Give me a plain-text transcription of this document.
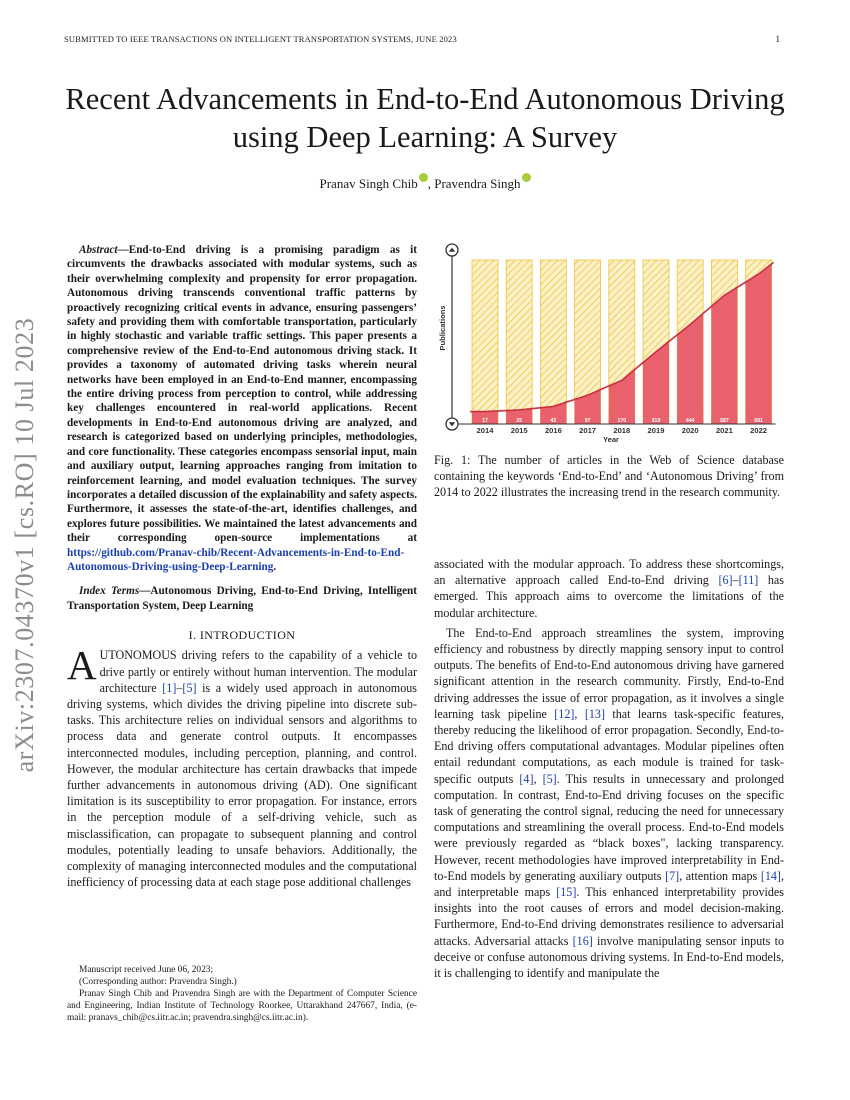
SUBMITTED TO IEEE TRANSACTIONS ON INTELLIGENT TRANSPORTATION SYSTEMS, JUNE 2023	1
arXiv:2307.04370v1 [cs.RO] 10 Jul 2023
Recent Advancements in End-to-End Autonomous Driving using Deep Learning: A Survey
Pranav Singh Chib , Pravendra Singh

Abstract—End-to-End driving is a promising paradigm as it circumvents the drawbacks associated with modular systems, such as their overwhelming complexity and propensity for error propagation. Autonomous driving transcends conventional traffic patterns by proactively recognizing critical events in advance, ensuring passengers’ safety and providing them with comfortable transportation, particularly in highly stochastic and variable traffic settings. This paper presents a comprehensive review of the End-to-End autonomous driving stack. It provides a taxonomy of automated driving tasks wherein neural networks have been employed in an End-to-End manner, encompassing the entire driving process from perception to control, while addressing key challenges encountered in real-world applications. Recent developments in End-to-End autonomous driving are analyzed, and research is categorized based on underlying principles, methodologies, and core functionality. These categories encompass sensorial input, main and auxiliary output, learning approaches ranging from imitation to reinforcement learning, and model evaluation techniques. The survey incorporates a detailed discussion of the explainability and safety aspects. Furthermore, it assesses the state-of-the-art, identifies challenges, and explores future possibilities. We maintained the latest advancements and their corresponding open-source implementations at https://github.com/Pranav-chib/Recent-Advancements-in-End-to-End-Autonomous-Driving-using-Deep-Learning.

Index Terms—Autonomous Driving, End-to-End Driving, Intelligent Transportation System, Deep Learning

I. INTRODUCTION

AUTONOMOUS driving refers to the capability of a vehicle to drive partly or entirely without human intervention. The modular architecture [1]–[5] is a widely used approach in autonomous driving systems, which divides the driving pipeline into discrete sub-tasks. This architecture relies on individual sensors and algorithms to process data and generate control outputs. It encompasses interconnected modules, including perception, planning, and control. However, the modular architecture has certain drawbacks that impede further advancements in autonomous driving (AD). One significant limitation is its susceptibility to error propagation. For instance, errors in the perception module of a self-driving vehicle, such as misclassification, can propagate to subsequent planning and control modules, potentially leading to unsafe behaviors. Additionally, the complexity of managing interconnected modules and the computational inefficiency of processing data at each stage pose additional challenges

Manuscript received June 06, 2023;

(Corresponding author: Pravendra Singh.)

Pranav Singh Chib and Pravendra Singh are with the Department of Computer Science and Engineering, Indian Institute of Technology Roorkee, Uttarakhand 247667, India, (e-mail: pranavs_chib@cs.iitr.ac.in; pravendra.singh@cs.iitr.ac.in).

17	25	42	97	170	310	444	587	691
2014 2015 2016 2017 2018 2019 2020 2021 2022
Publications
Year
Fig. 1: The number of articles in the Web of Science database containing the keywords ‘End-to-End’ and ‘Autonomous Driving’ from 2014 to 2022 illustrates the increasing trend in the research community.

associated with the modular approach. To address these shortcomings, an alternative approach called End-to-End driving [6]–[11] has emerged. This approach aims to overcome the limitations of the modular architecture.

The End-to-End approach streamlines the system, improving efficiency and robustness by directly mapping sensory input to control outputs. The benefits of End-to-End autonomous driving have garnered significant attention in the research community. Firstly, End-to-End driving addresses the issue of error propagation, as it involves a single learning task pipeline [12], [13] that learns task-specific features, thereby reducing the likelihood of error propagation. Secondly, End-to-End driving offers computational advantages. Modular pipelines often entail redundant computations, as each module is trained for task-specific outputs [4], [5]. This results in unnecessary and prolonged computation. In contrast, End-to-End driving focuses on the specific task of generating the control signal, reducing the need for unnecessary computations and streamlining the overall process. End-to-End models were previously regarded as “black boxes", lacking transparency. However, recent methodologies have improved interpretability in End-to-End models by generating auxiliary outputs [7], attention maps [14], and interpretable maps [15]. This enhanced interpretability provides insights into the root causes of errors and model decision-making. Furthermore, End-to-End driving demonstrates resilience to adversarial attacks. Adversarial attacks [16] involve manipulating sensor inputs to deceive or confuse autonomous driving systems. In End-to-End models, it is challenging to identify and manipulate the
